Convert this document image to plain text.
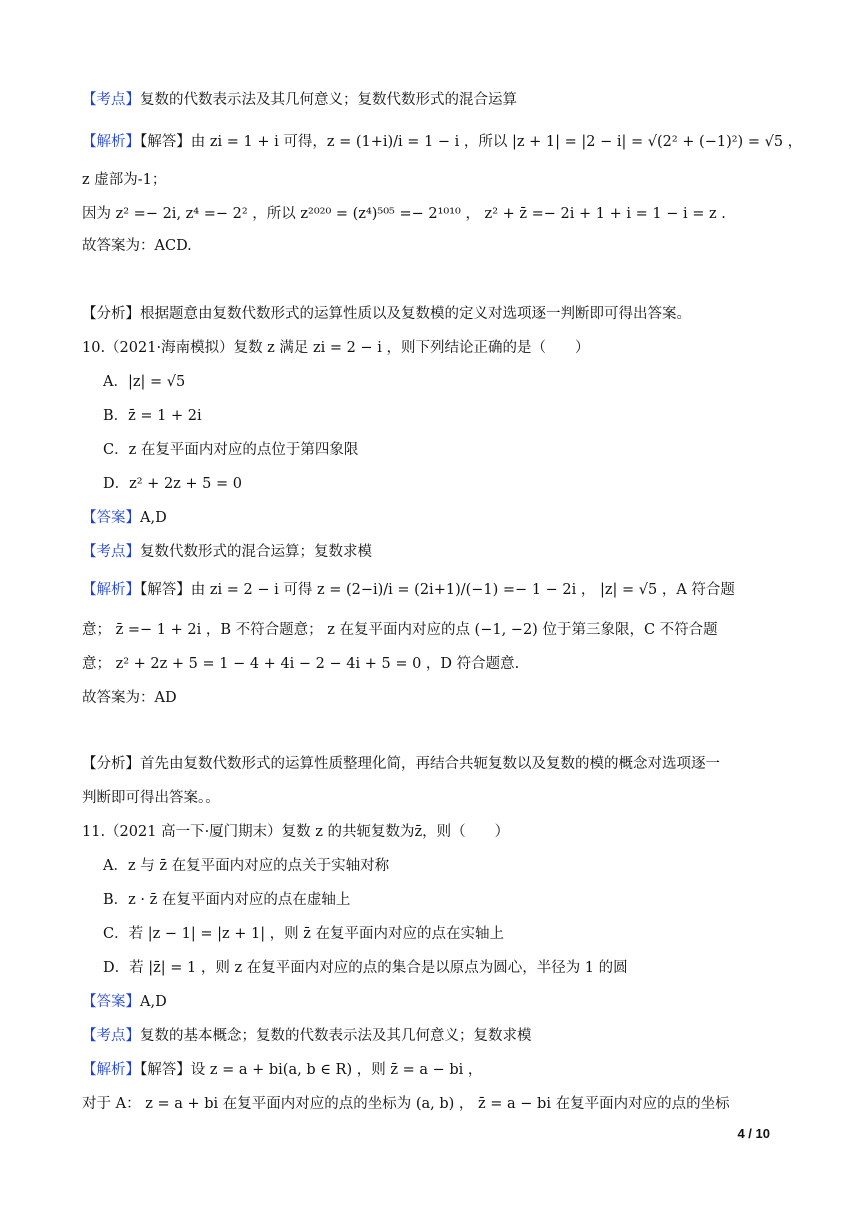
【考点】复数的代数表示法及其几何意义；复数代数形式的混合运算
【解析】【解答】由 zi = 1 + i 可得，z = (1+i)/i = 1 − i ，所以 |z + 1| = |2 − i| = √(2² + (−1)²) = √5 ，
z 虚部为-1；
因为 z² =− 2i, z⁴ =− 2² ，所以 z²⁰²⁰ = (z⁴)⁵⁰⁵ =− 2¹⁰¹⁰ ， z² + z̄ =− 2i + 1 + i = 1 − i = z .
故答案为：ACD.
【分析】根据题意由复数代数形式的运算性质以及复数模的定义对选项逐一判断即可得出答案。
10.（2021·海南模拟）复数 z 满足 zi = 2 − i ，则下列结论正确的是（　　）
A．|z| = √5
B．z̄ = 1 + 2i
C．z 在复平面内对应的点位于第四象限
D．z² + 2z + 5 = 0
【答案】A,D
【考点】复数代数形式的混合运算；复数求模
【解析】【解答】由 zi = 2 − i 可得 z = (2−i)/i = (2i+1)/(−1) =− 1 − 2i ， |z| = √5 ，A 符合题
意； z̄ =− 1 + 2i ，B 不符合题意； z 在复平面内对应的点 (−1, −2) 位于第三象限，C 不符合题
意； z² + 2z + 5 = 1 − 4 + 4i − 2 − 4i + 5 = 0 ，D 符合题意.
故答案为：AD
【分析】首先由复数代数形式的运算性质整理化简，再结合共轭复数以及复数的模的概念对选项逐一
判断即可得出答案。。
11.（2021 高一下·厦门期末）复数 z 的共轭复数为z̄，则（　　）
A．z 与 z̄ 在复平面内对应的点关于实轴对称
B．z · z̄ 在复平面内对应的点在虚轴上
C．若 |z − 1| = |z + 1| ，则 z̄ 在复平面内对应的点在实轴上
D．若 |z̄| = 1 ，则 z 在复平面内对应的点的集合是以原点为圆心，半径为 1 的圆
【答案】A,D
【考点】复数的基本概念；复数的代数表示法及其几何意义；复数求模
【解析】【解答】设 z = a + bi(a, b ∈ R) ，则 z̄ = a − bi ，
对于 A： z = a + bi 在复平面内对应的点的坐标为 (a, b) ， z̄ = a − bi 在复平面内对应的点的坐标
4 / 10
